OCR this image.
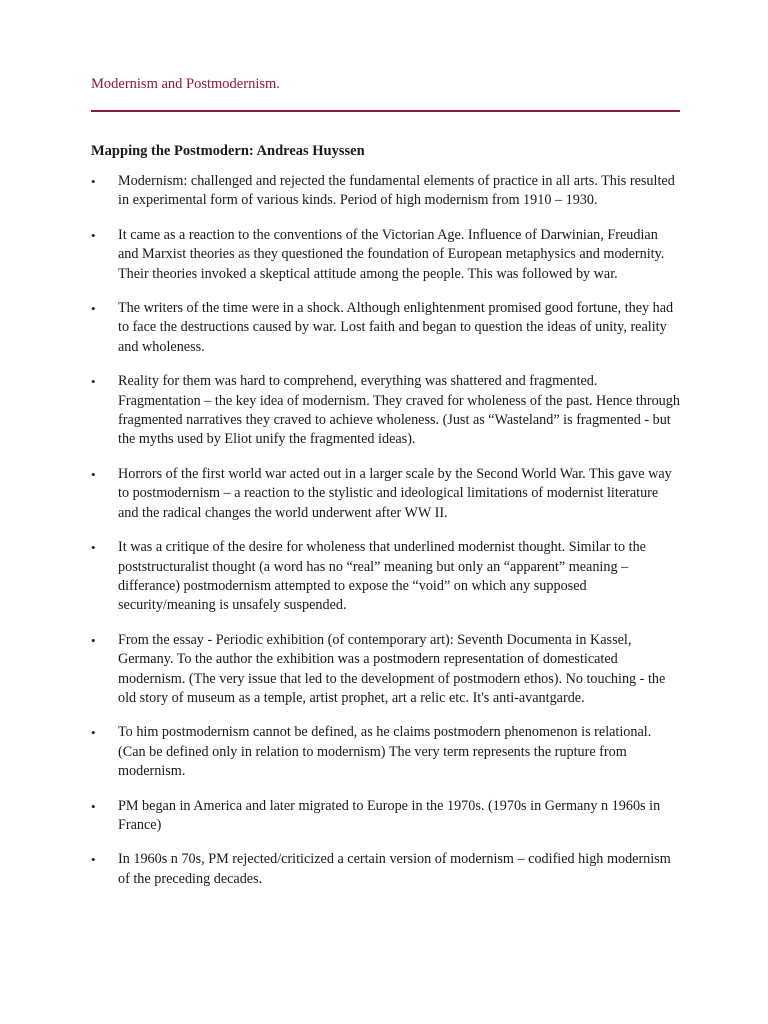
Modernism and Postmodernism.
Mapping the Postmodern: Andreas Huyssen
• Modernism: challenged and rejected the fundamental elements of practice in all arts. This resulted in experimental form of various kinds. Period of high modernism from 1910 – 1930.
• It came as a reaction to the conventions of the Victorian Age. Influence of Darwinian, Freudian and Marxist theories as they questioned the foundation of European metaphysics and modernity. Their theories invoked a skeptical attitude among the people. This was followed by war.
• The writers of the time were in a shock. Although enlightenment promised good fortune, they had to face the destructions caused by war. Lost faith and began to question the ideas of unity, reality and wholeness.
• Reality for them was hard to comprehend, everything was shattered and fragmented. Fragmentation – the key idea of modernism. They craved for wholeness of the past. Hence through fragmented narratives they craved to achieve wholeness. (Just as “Wasteland” is fragmented - but the myths used by Eliot unify the fragmented ideas).
• Horrors of the first world war acted out in a larger scale by the Second World War. This gave way to postmodernism – a reaction to the stylistic and ideological limitations of modernist literature and the radical changes the world underwent after WW II.
• It was a critique of the desire for wholeness that underlined modernist thought. Similar to the poststructuralist thought (a word has no “real” meaning but only an “apparent” meaning – differance) postmodernism attempted to expose the “void” on which any supposed security/meaning is unsafely suspended.
• From the essay - Periodic exhibition (of contemporary art): Seventh Documenta in Kassel, Germany. To the author the exhibition was a postmodern representation of domesticated modernism. (The very issue that led to the development of postmodern ethos). No touching - the old story of museum as a temple, artist prophet, art a relic etc. It's anti-avantgarde.
• To him postmodernism cannot be defined, as he claims postmodern phenomenon is relational. (Can be defined only in relation to modernism) The very term represents the rupture from modernism.
• PM began in America and later migrated to Europe in the 1970s. (1970s in Germany n 1960s in France)
• In 1960s n 70s, PM rejected/criticized a certain version of modernism – codified high modernism of the preceding decades.
